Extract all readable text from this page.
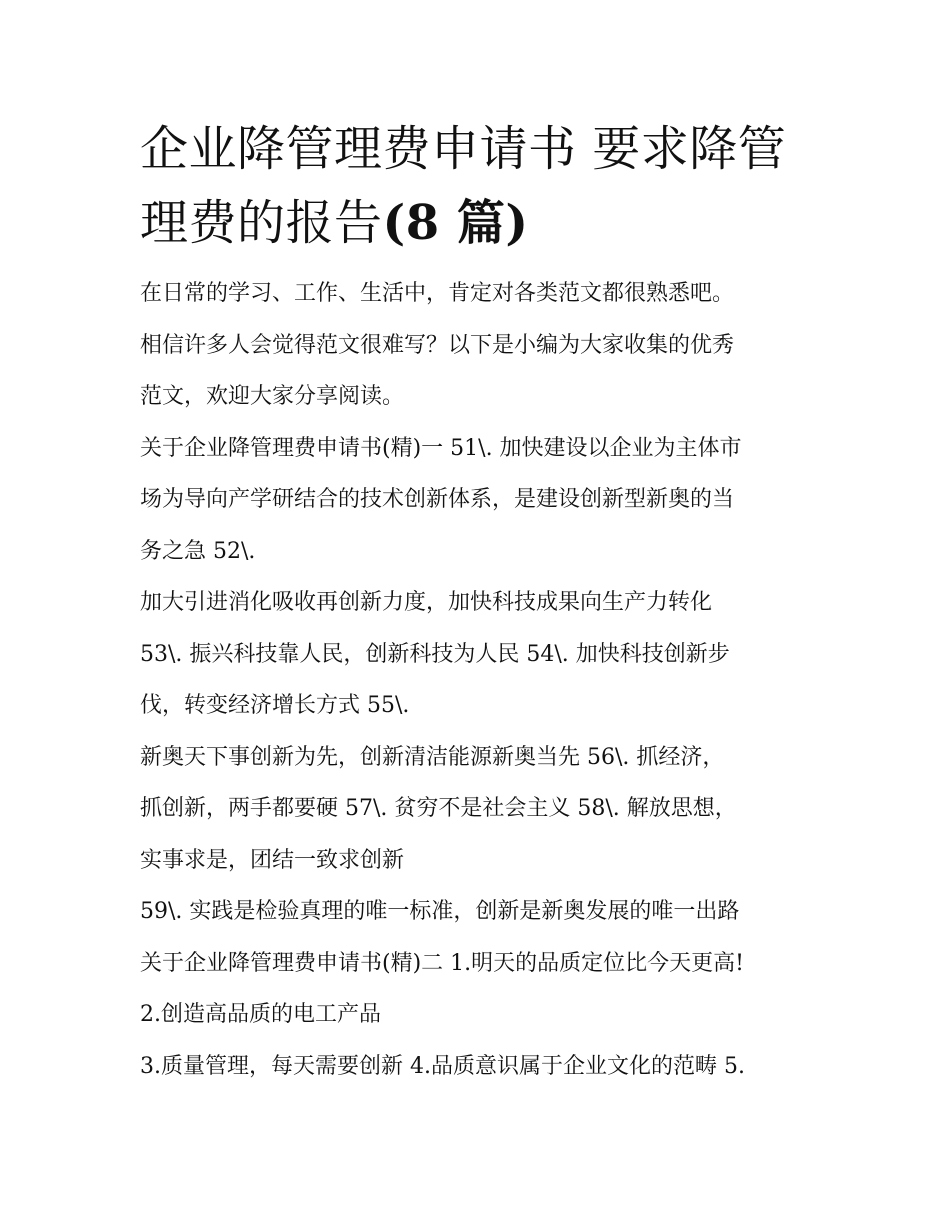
企业降管理费申请书 要求降管
理费的报告(8 篇)
在日常的学习、工作、生活中，肯定对各类范文都很熟悉吧。
相信许多人会觉得范文很难写？以下是小编为大家收集的优秀
范文，欢迎大家分享阅读。
关于企业降管理费申请书(精)一 51\. 加快建设以企业为主体市
场为导向产学研结合的技术创新体系，是建设创新型新奥的当
务之急 52\.
加大引进消化吸收再创新力度，加快科技成果向生产力转化
53\. 振兴科技靠人民，创新科技为人民 54\. 加快科技创新步
伐，转变经济增长方式 55\.
新奥天下事创新为先，创新清洁能源新奥当先 56\. 抓经济，
抓创新，两手都要硬 57\. 贫穷不是社会主义 58\. 解放思想，
实事求是，团结一致求创新
59\. 实践是检验真理的唯一标准，创新是新奥发展的唯一出路
关于企业降管理费申请书(精)二 1.明天的品质定位比今天更高!
2.创造高品质的电工产品
3.质量管理，每天需要创新 4.品质意识属于企业文化的范畴 5.
